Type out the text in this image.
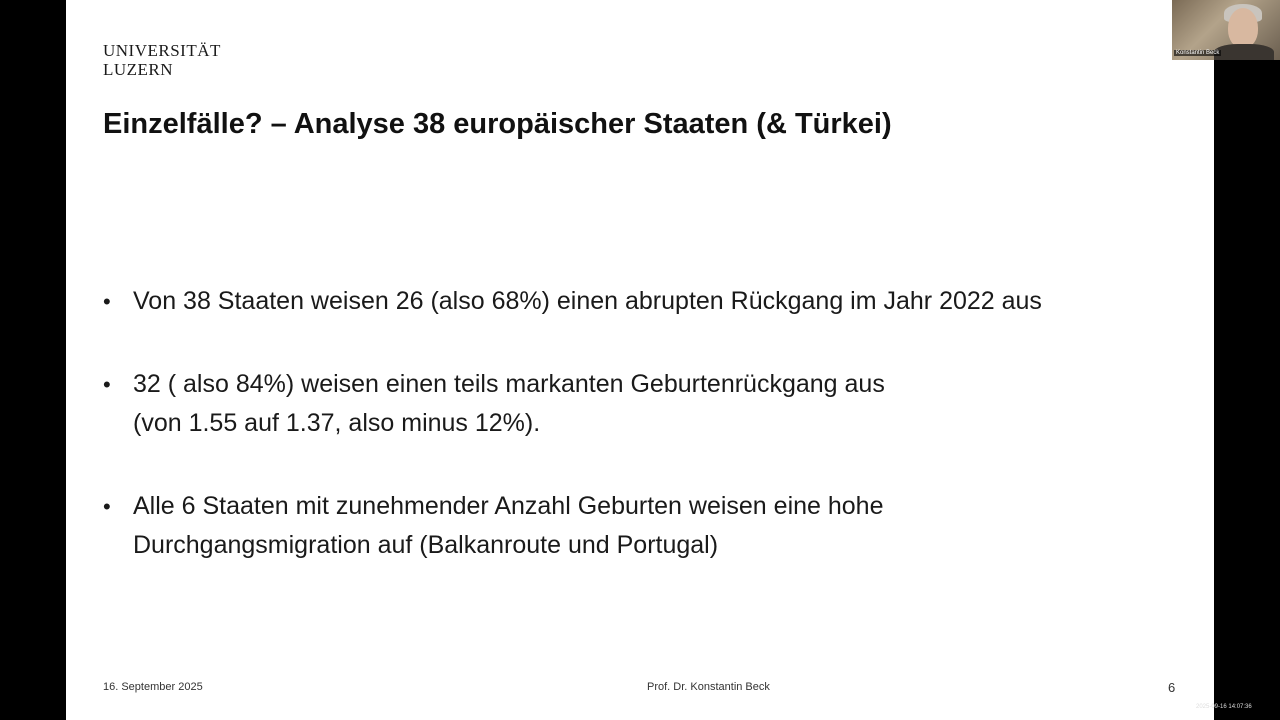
UNIVERSITÄT
LUZERN
Einzelfälle? – Analyse 38 europäischer Staaten (& Türkei)
• Von 38 Staaten weisen 26 (also 68%) einen abrupten Rückgang im Jahr 2022 aus
• 32 ( also 84%) weisen einen teils markanten Geburtenrückgang aus
(von 1.55 auf 1.37, also minus 12%).
• Alle 6 Staaten mit zunehmender Anzahl Geburten weisen eine hohe
Durchgangsmigration auf (Balkanroute und Portugal)
16. September 2025	Prof. Dr. Konstantin Beck	6
Konstantin Beck
2025-09-16 14:07:36
